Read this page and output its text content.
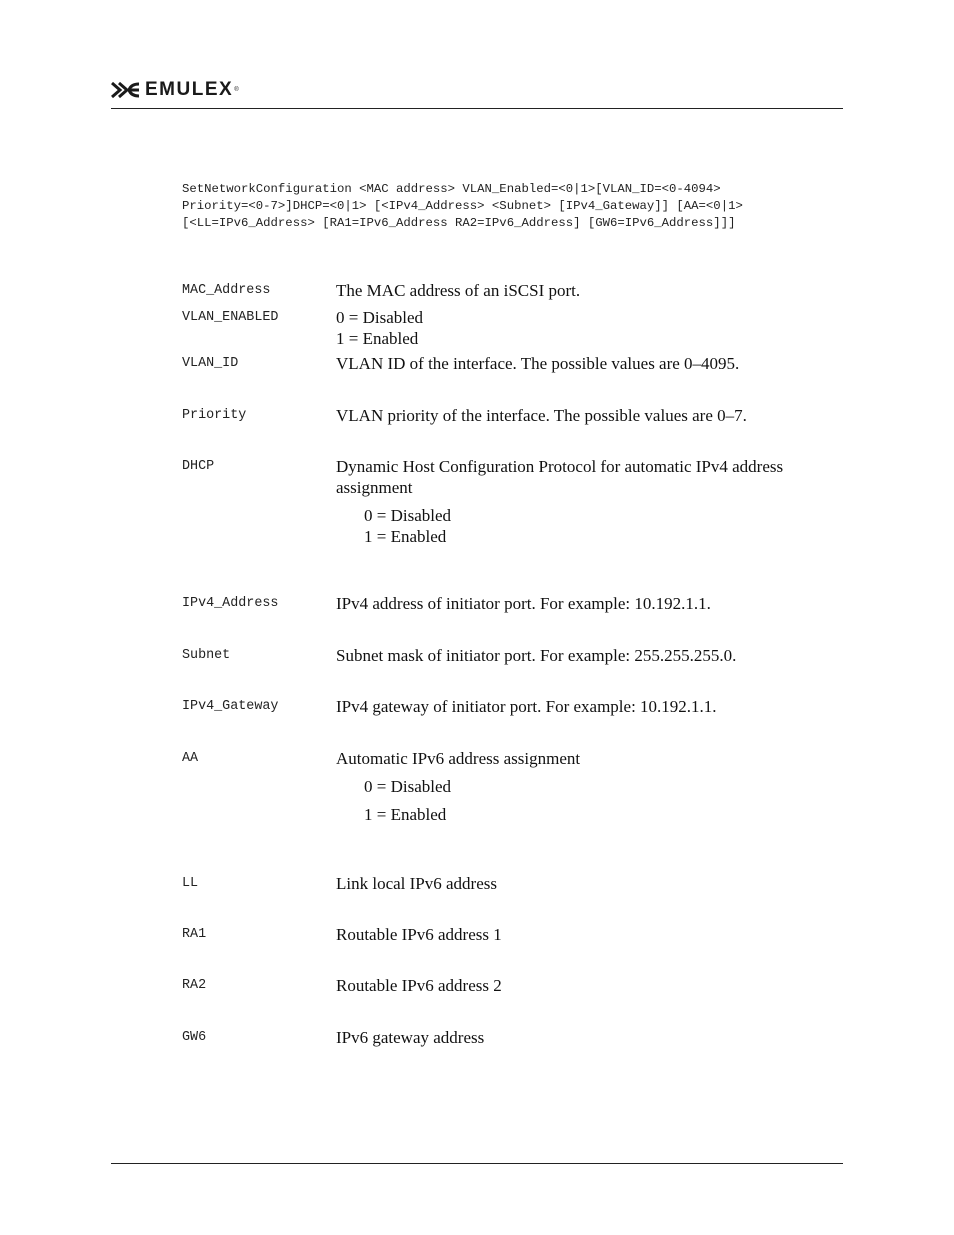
EMULEX ®
SetNetworkConfiguration <MAC address> VLAN_Enabled=<0|1>[VLAN_ID=<0-4094>
Priority=<0-7>]DHCP=<0|1> [<IPv4_Address> <Subnet> [IPv4_Gateway]] [AA=<0|1>
[<LL=IPv6_Address> [RA1=IPv6_Address RA2=IPv6_Address] [GW6=IPv6_Address]]]
MAC_Address	The MAC address of an iSCSI port.
VLAN_ENABLED	0 = Disabled
1 = Enabled
VLAN_ID	VLAN ID of the interface. The possible values are 0–4095.
Priority	VLAN priority of the interface. The possible values are 0–7.
DHCP	Dynamic Host Configuration Protocol for automatic IPv4 address assignment
0 = Disabled
1 = Enabled
IPv4_Address	IPv4 address of initiator port. For example: 10.192.1.1.
Subnet	Subnet mask of initiator port. For example: 255.255.255.0.
IPv4_Gateway	IPv4 gateway of initiator port. For example: 10.192.1.1.
AA	Automatic IPv6 address assignment
0 = Disabled
1 = Enabled
LL	Link local IPv6 address
RA1	Routable IPv6 address 1
RA2	Routable IPv6 address 2
GW6	IPv6 gateway address
